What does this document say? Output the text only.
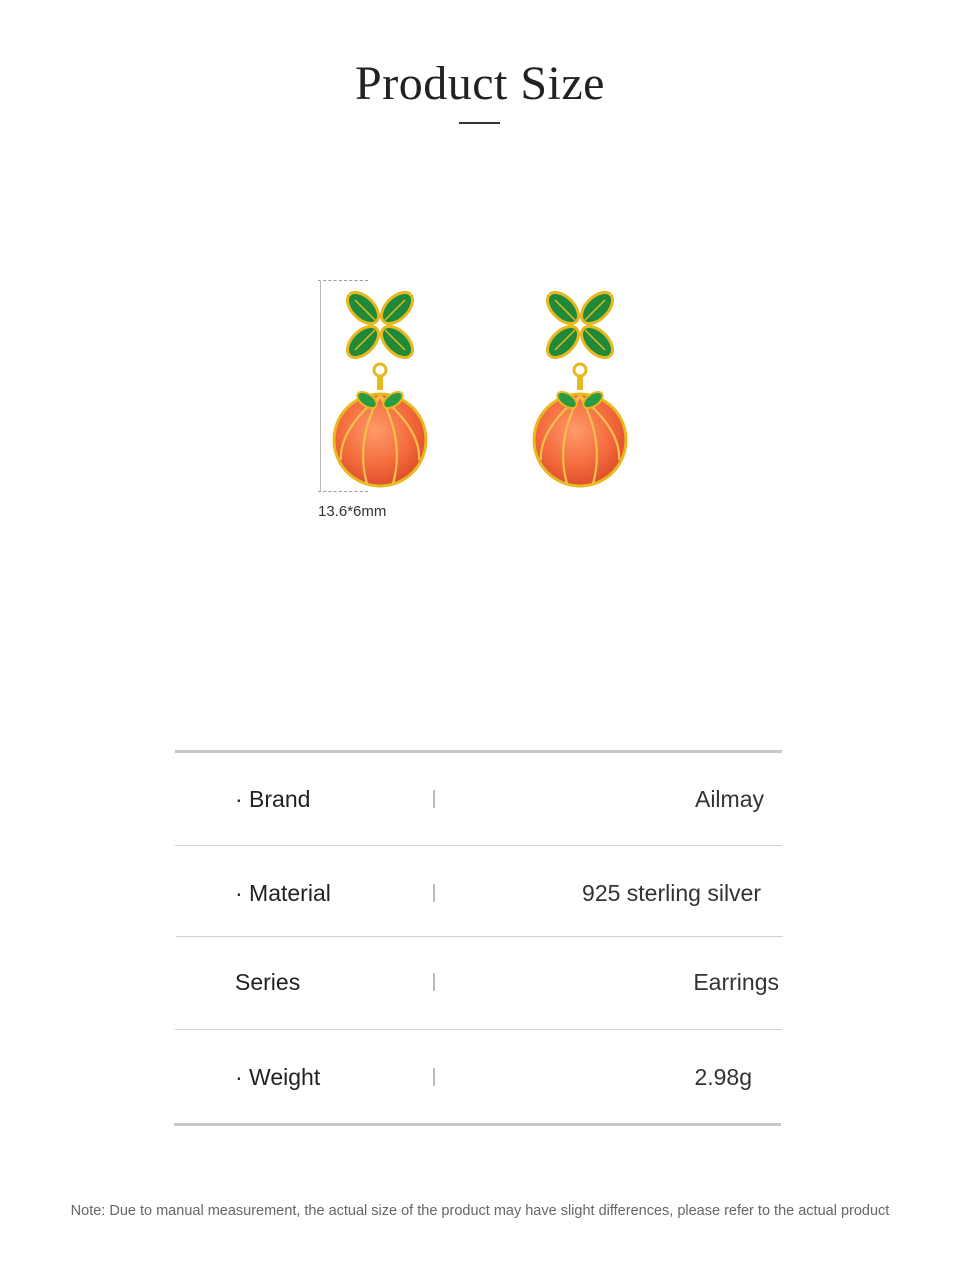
Product Size
13.6*6mm
· Brand	Ailmay
· Material	925 sterling silver
Series	Earrings
· Weight	2.98g
Note: Due to manual measurement, the actual size of the product may have slight differences, please refer to the actual product
